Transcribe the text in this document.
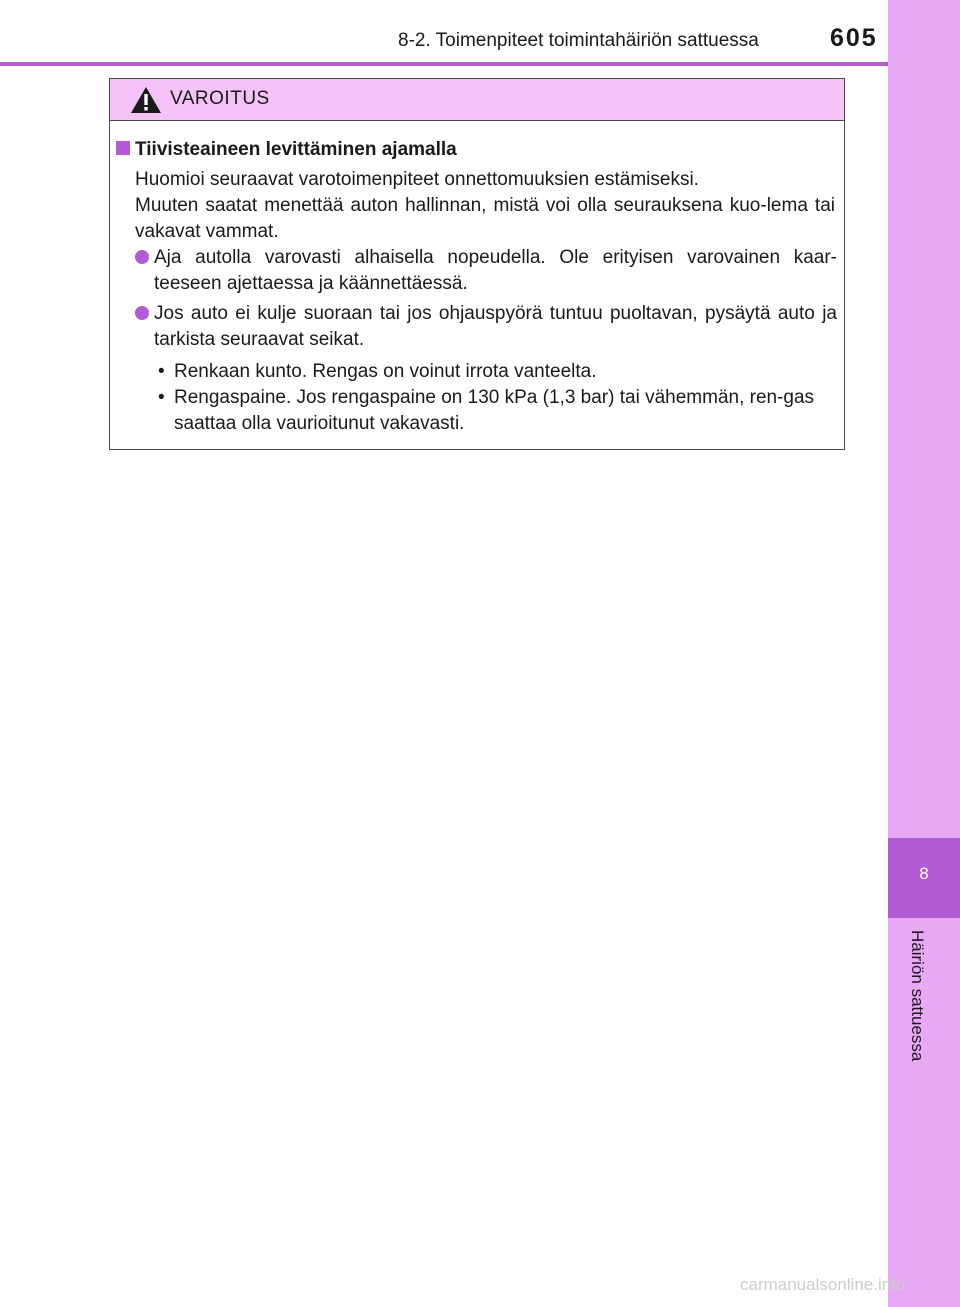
8-2. Toimenpiteet toimintahäiriön sattuessa	605
8
Häiriön sattuessa
VAROITUS
Tiivisteaineen levittäminen ajamalla

Huomioi seuraavat varotoimenpiteet onnettomuuksien estämiseksi.

Muuten saatat menettää auton hallinnan, mistä voi olla seurauksena kuo-lema tai vakavat vammat.

Aja autolla varovasti alhaisella nopeudella. Ole erityisen varovainen kaar-teeseen ajettaessa ja käännettäessä.
Jos auto ei kulje suoraan tai jos ohjauspyörä tuntuu puoltavan, pysäytä auto ja tarkista seuraavat seikat.
• Renkaan kunto. Rengas on voinut irrota vanteelta.
• Rengaspaine. Jos rengaspaine on 130 kPa (1,3 bar) tai vähemmän, ren-gas saattaa olla vaurioitunut vakavasti.
carmanualsonline.info
